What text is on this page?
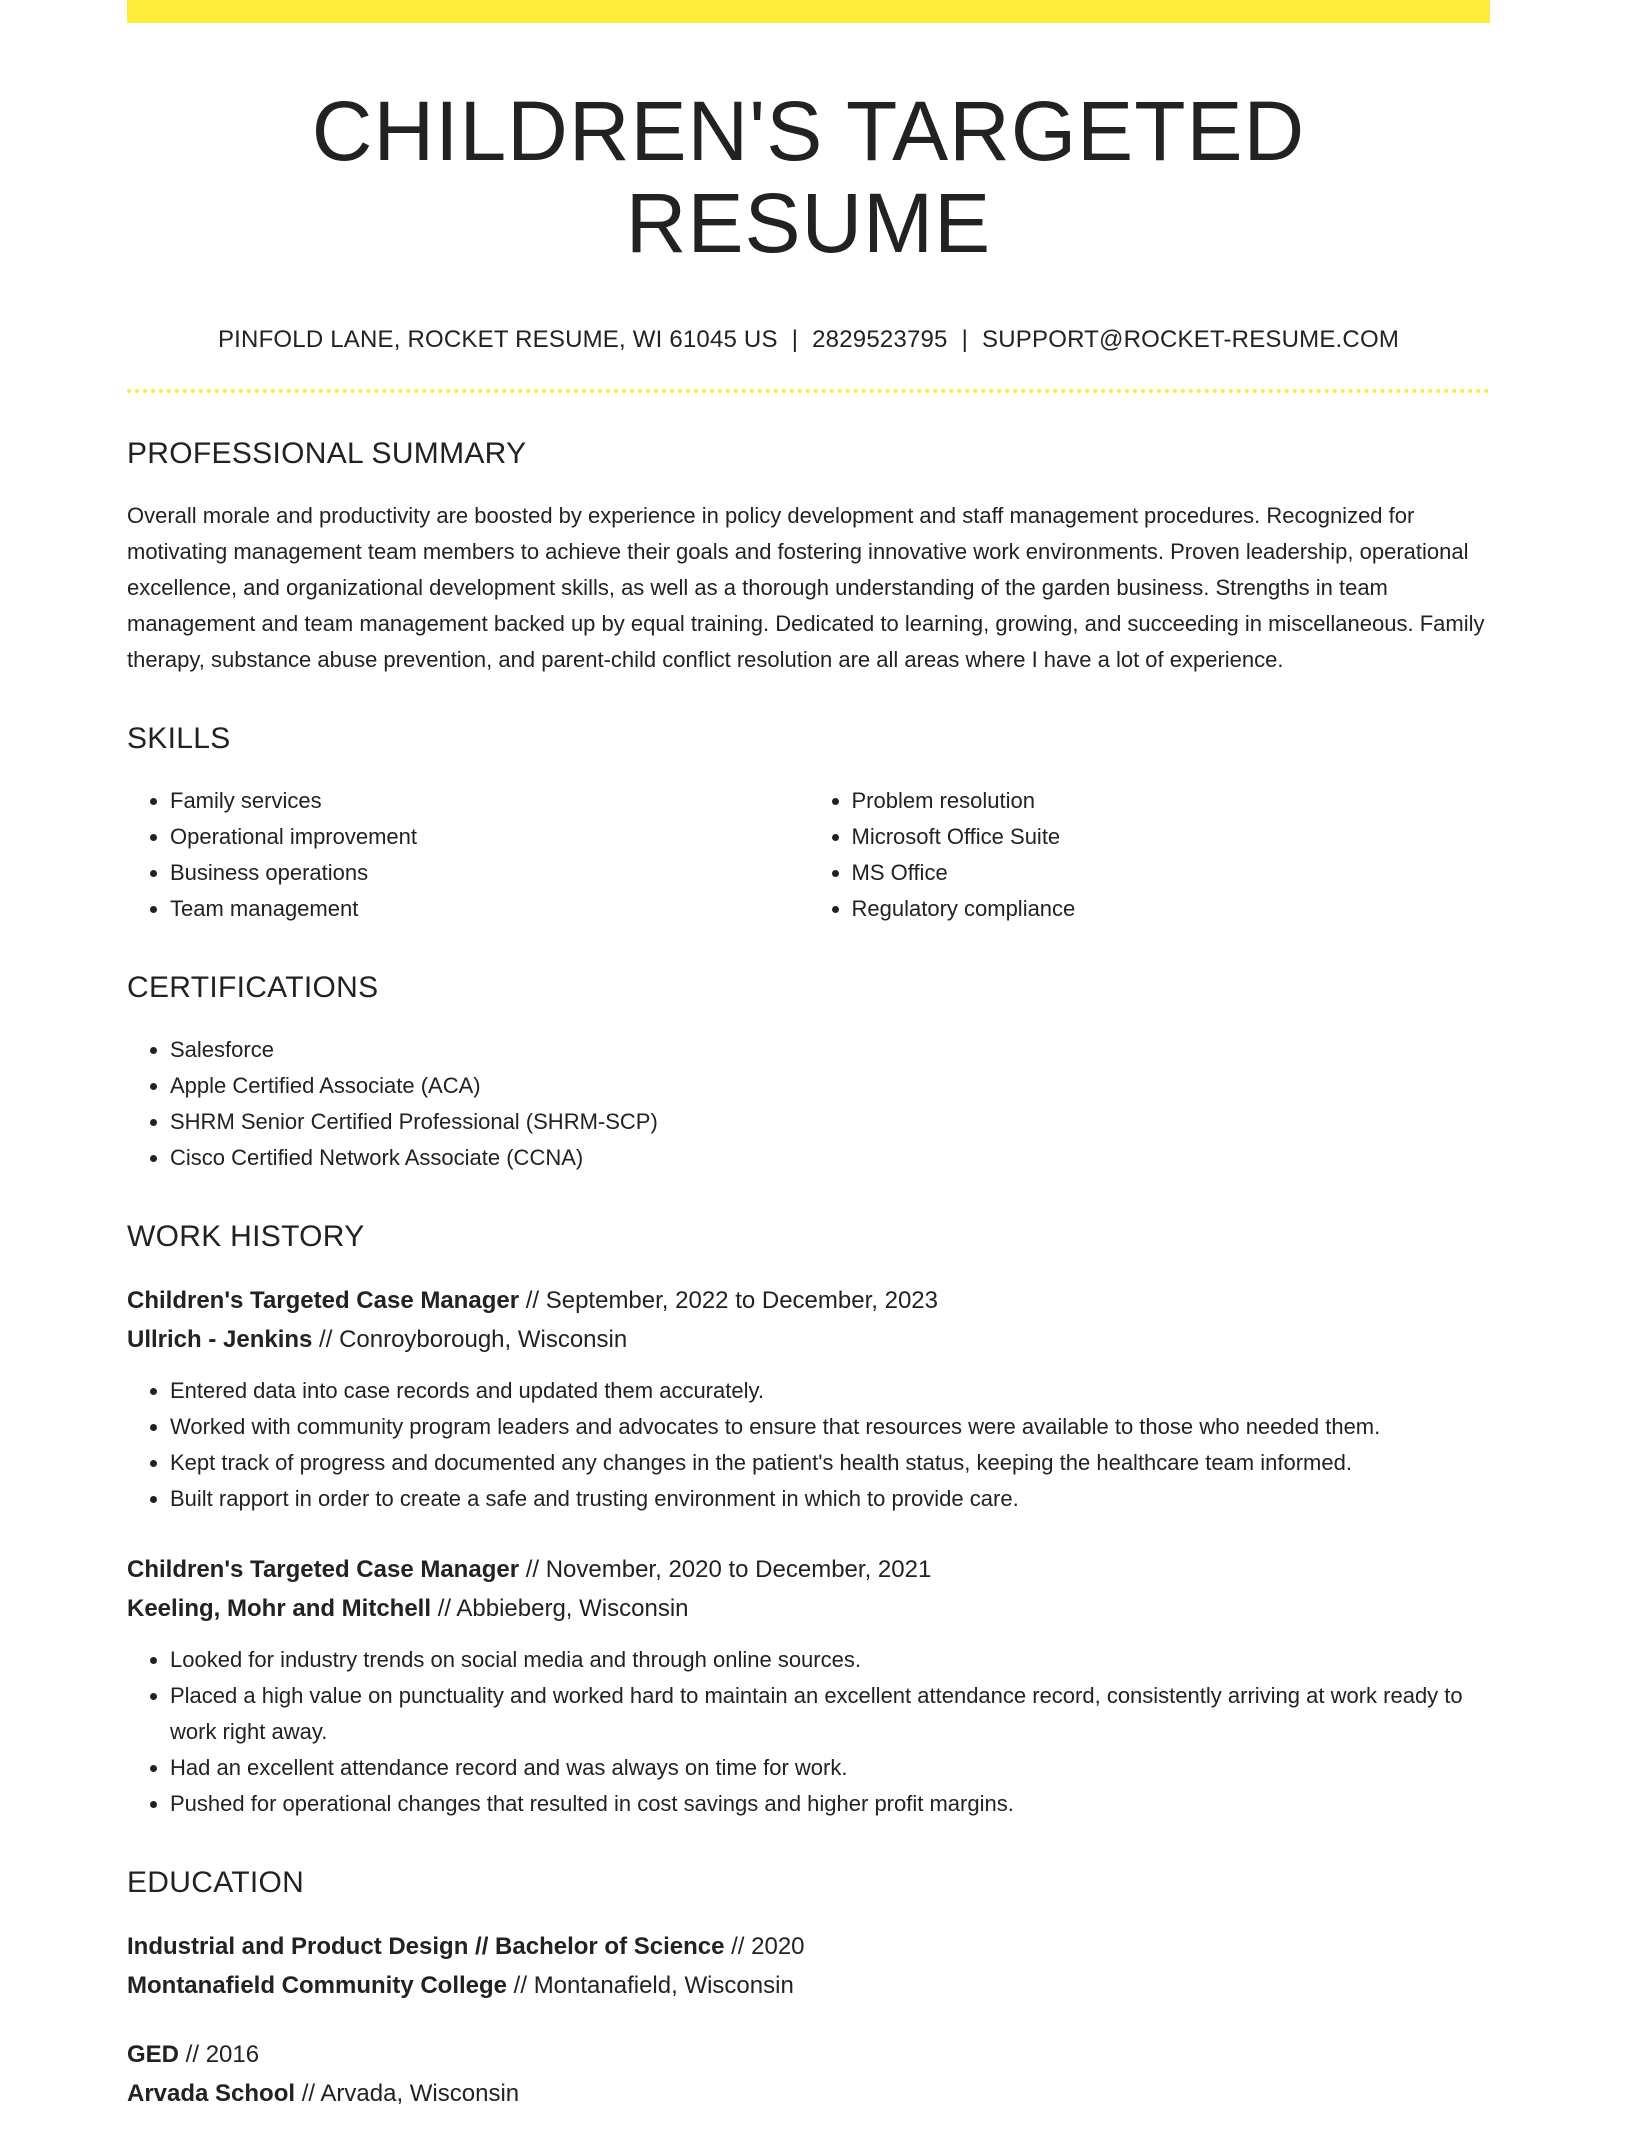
CHILDREN'S TARGETED RESUME
PINFOLD LANE, ROCKET RESUME, WI 61045 US | 2829523795 | SUPPORT@ROCKET-RESUME.COM
PROFESSIONAL SUMMARY

Overall morale and productivity are boosted by experience in policy development and staff management procedures. Recognized for motivating management team members to achieve their goals and fostering innovative work environments. Proven leadership, operational excellence, and organizational development skills, as well as a thorough understanding of the garden business. Strengths in team management and team management backed up by equal training. Dedicated to learning, growing, and succeeding in miscellaneous. Family therapy, substance abuse prevention, and parent-child conflict resolution are all areas where I have a lot of experience.

SKILLS
• Family services
• Operational improvement
• Business operations
• Team management
• Problem resolution
• Microsoft Office Suite
• MS Office
• Regulatory compliance
CERTIFICATIONS
• Salesforce
• Apple Certified Associate (ACA)
• SHRM Senior Certified Professional (SHRM-SCP)
• Cisco Certified Network Associate (CCNA)
WORK HISTORY
Children's Targeted Case Manager // September, 2022 to December, 2023
Ullrich - Jenkins // Conroyborough, Wisconsin
• Entered data into case records and updated them accurately.
• Worked with community program leaders and advocates to ensure that resources were available to those who needed them.
• Kept track of progress and documented any changes in the patient's health status, keeping the healthcare team informed.
• Built rapport in order to create a safe and trusting environment in which to provide care.
Children's Targeted Case Manager // November, 2020 to December, 2021
Keeling, Mohr and Mitchell // Abbieberg, Wisconsin
• Looked for industry trends on social media and through online sources.
• Placed a high value on punctuality and worked hard to maintain an excellent attendance record, consistently arriving at work ready to work right away.
• Had an excellent attendance record and was always on time for work.
• Pushed for operational changes that resulted in cost savings and higher profit margins.
EDUCATION
Industrial and Product Design // Bachelor of Science // 2020
Montanafield Community College // Montanafield, Wisconsin
GED // 2016
Arvada School // Arvada, Wisconsin
